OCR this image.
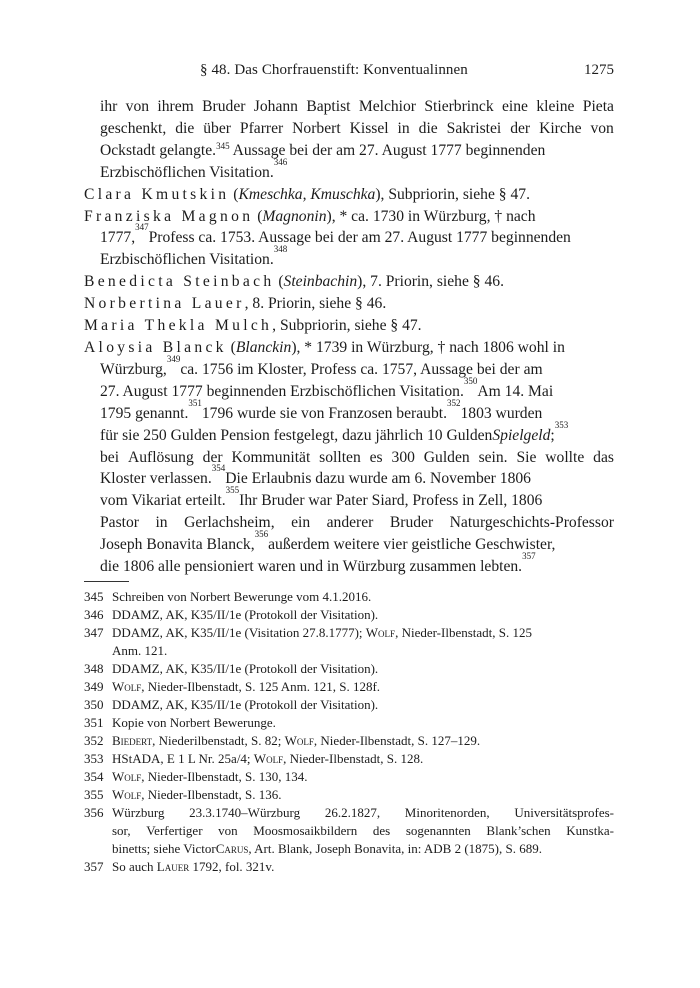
§ 48. Das Chorfrauenstift: Konventualinnen	1275
ihr von ihrem Bruder Johann Baptist Melchior Stierbrinck eine kleine Pieta
geschenkt, die über Pfarrer Norbert Kissel in die Sakristei der Kirche von
Ockstadt gelangte.$^{345}$ Aussage bei der am 27. August 1777 beginnenden
Erzbischöflichen Visitation.
346
Clara Kmutskin ( Kmeschka, Kmuschka ), Subpriorin, siehe § 47.
Franziska Magnon ( Magnonin ), * ca. 1730 in Würzburg, † nach
1777,
347
Profess ca. 1753. Aussage bei der am 27. August 1777 beginnenden
Erzbischöflichen Visitation.
348
Benedicta Steinbach ( Steinbachin ), 7. Priorin, siehe § 46.
Norbertina Lauer , 8. Priorin, siehe § 46.
Maria Thekla Mulch , Subpriorin, siehe § 47.
Aloysia Blanck ( Blanckin ), * 1739 in Würzburg, † nach 1806 wohl in
Würzburg,
349
ca. 1756 im Kloster, Profess ca. 1757, Aussage bei der am
27. August 1777 beginnenden Erzbischöflichen Visitation.
350
Am 14. Mai
1795 genannt.
351
1796 wurde sie von Franzosen beraubt.
352
1803 wurden
für sie 250 Gulden Pension festgelegt, dazu jährlich 10 Gulden Spielgeld ;
353
bei Auflösung der Kommunität sollten es 300 Gulden sein. Sie wollte das
Kloster verlassen.
354
Die Erlaubnis dazu wurde am 6. November 1806
vom Vikariat erteilt.
355
Ihr Bruder war Pater Siard, Profess in Zell, 1806
Pastor in Gerlachsheim, ein anderer Bruder Naturgeschichts-Professor
Joseph Bonavita Blanck,
356
außerdem weitere vier geistliche Geschwister,
die 1806 alle pensioniert waren und in Würzburg zusammen lebten.
357
345 Schreiben von Norbert Bewerunge vom 4.1.2016.
346 DDAMZ, AK, K35/II/1e (Protokoll der Visitation).
347 DDAMZ, AK, K35/II/1e (Visitation 27.8.1777); Wolf, Nieder-Ilbenstadt, S. 125
Anm. 121.
348 DDAMZ, AK, K35/II/1e (Protokoll der Visitation).
349 Wolf, Nieder-Ilbenstadt, S. 125 Anm. 121, S. 128f.
350 DDAMZ, AK, K35/II/1e (Protokoll der Visitation).
351 Kopie von Norbert Bewerunge.
352 Biedert, Niederilbenstadt, S. 82; Wolf, Nieder-Ilbenstadt, S. 127–129.
353 HStADA, E 1 L Nr. 25a/4; Wolf, Nieder-Ilbenstadt, S. 128.
354 Wolf, Nieder-Ilbenstadt, S. 130, 134.
355 Wolf, Nieder-Ilbenstadt, S. 136.
356 Würzburg 23.3.1740–Würzburg 26.2.1827, Minoritenorden, Universitätsprofes-
sor, Verfertiger von Moosmosaikbildern des sogenannten Blank’schen Kunstka-
binetts; siehe Victor Carus , Art. Blank, Joseph Bonavita, in: ADB 2 (1875), S. 689.
357 So auch Lauer 1792, fol. 321v.
